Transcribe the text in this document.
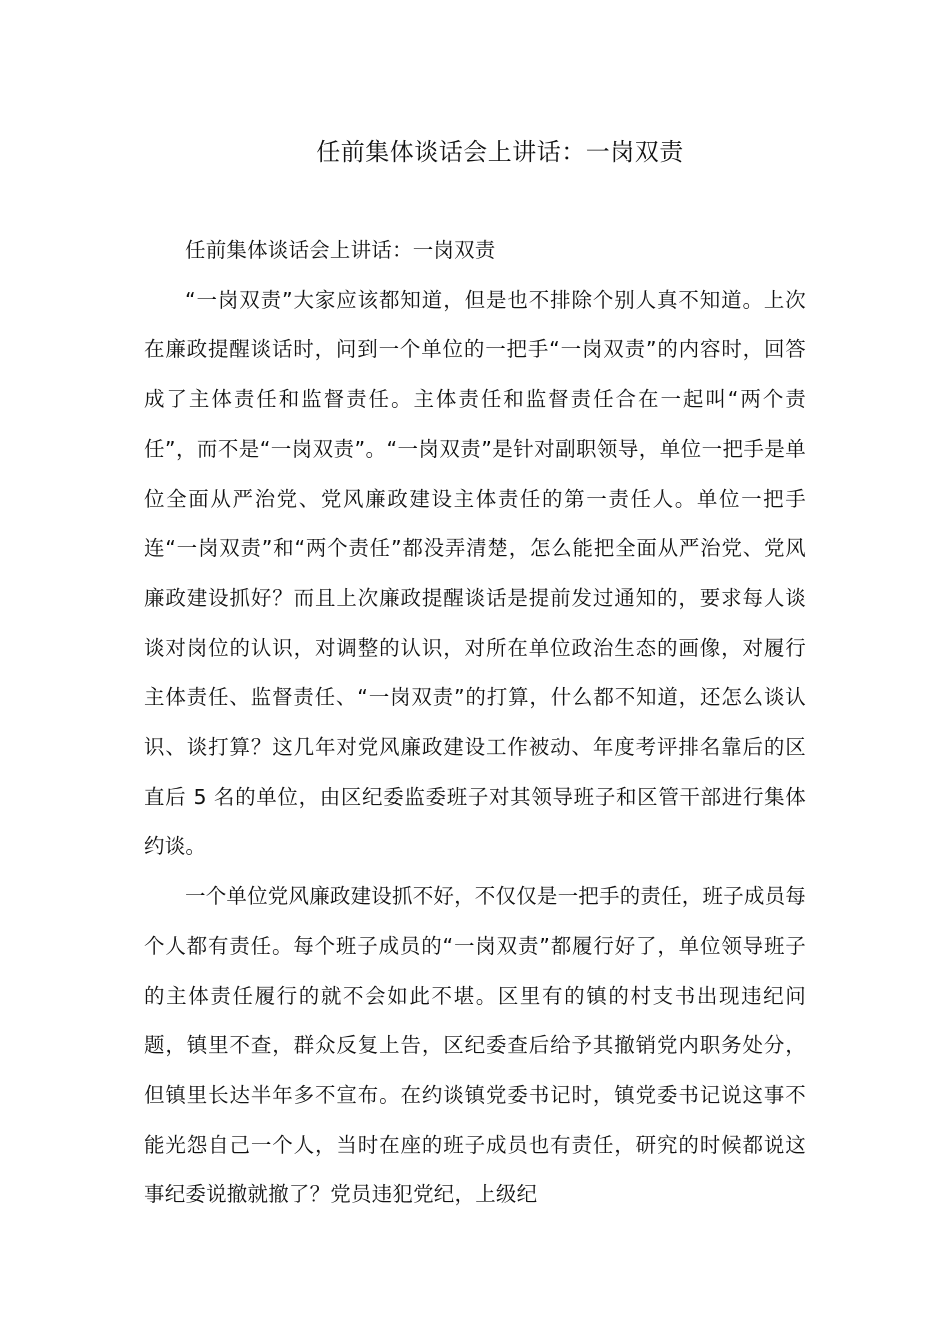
任前集体谈话会上讲话：一岗双责

任前集体谈话会上讲话：一岗双责

“一岗双责”大家应该都知道，但是也不排除个别人真不知道。上次在廉政提醒谈话时，问到一个单位的一把手“一岗双责”的内容时，回答成了主体责任和监督责任。主体责任和监督责任合在一起叫“两个责任”，而不是“一岗双责”。“一岗双责”是针对副职领导，单位一把手是单位全面从严治党、党风廉政建设主体责任的第一责任人。单位一把手连“一岗双责”和“两个责任”都没弄清楚，怎么能把全面从严治党、党风廉政建设抓好？而且上次廉政提醒谈话是提前发过通知的，要求每人谈谈对岗位的认识，对调整的认识，对所在单位政治生态的画像，对履行主体责任、监督责任、“一岗双责”的打算，什么都不知道，还怎么谈认识、谈打算？这几年对党风廉政建设工作被动、年度考评排名靠后的区直后 5 名的单位，由区纪委监委班子对其领导班子和区管干部进行集体约谈。

一个单位党风廉政建设抓不好，不仅仅是一把手的责任，班子成员每个人都有责任。每个班子成员的“一岗双责”都履行好了，单位领导班子的主体责任履行的就不会如此不堪。区里有的镇的村支书出现违纪问题，镇里不查，群众反复上告，区纪委查后给予其撤销党内职务处分，但镇里长达半年多不宣布。在约谈镇党委书记时，镇党委书记说这事不能光怨自己一个人，当时在座的班子成员也有责任，研究的时候都说这事纪委说撤就撤了？党员违犯党纪，上级纪
